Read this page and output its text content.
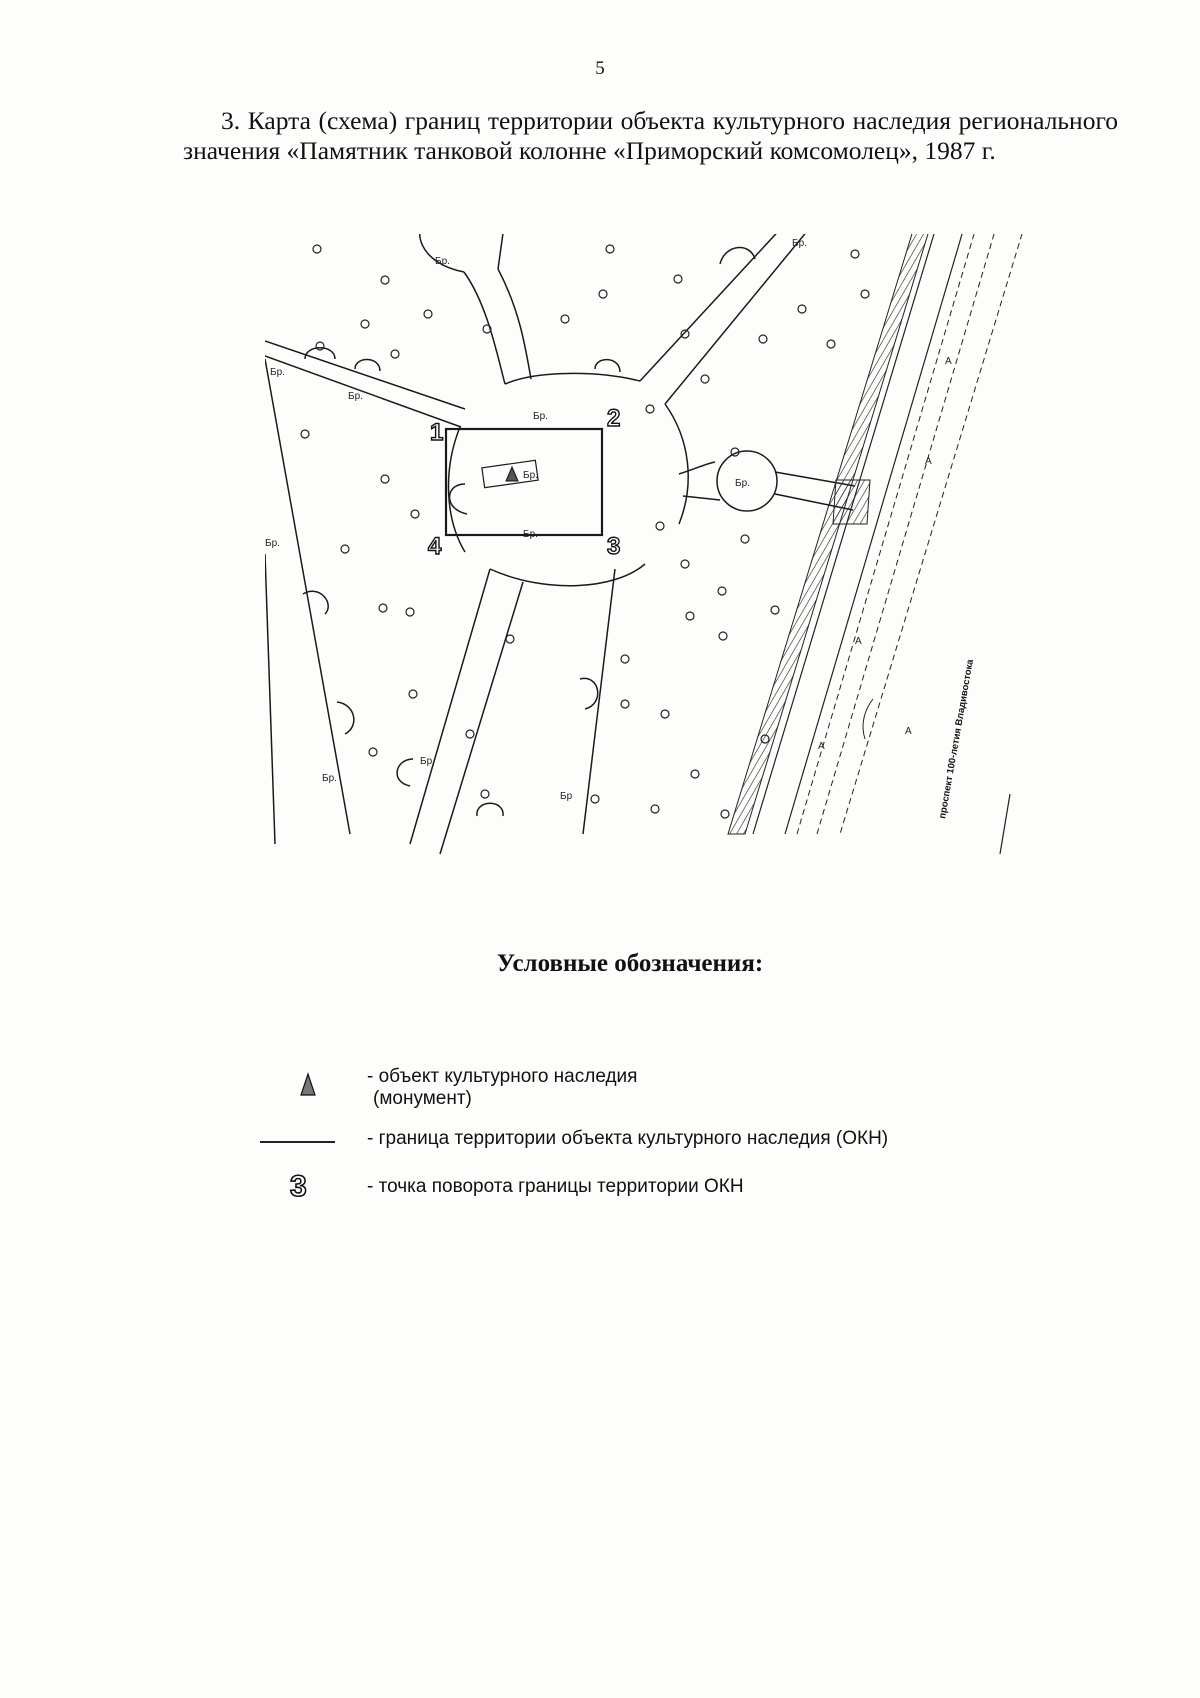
5

3. Карта (схема) границ территории объекта культурного наследия регионального значения «Памятник танковой колонне «Приморский комсомолец», 1987 г.

1
2
3
4
Бр.
Бр.
Бр.
Бр.
Бр.
Бр.
Бр.
Бр.
Бр.
Бр.
Бр.
Бр
А
А
А
А
А	проспект 100-летия Владивостока
Условные обозначения:
- объект культурного наследия
(монумент)
- граница территории объекта культурного наследия (ОКН)
3	- точка поворота границы территории ОКН
